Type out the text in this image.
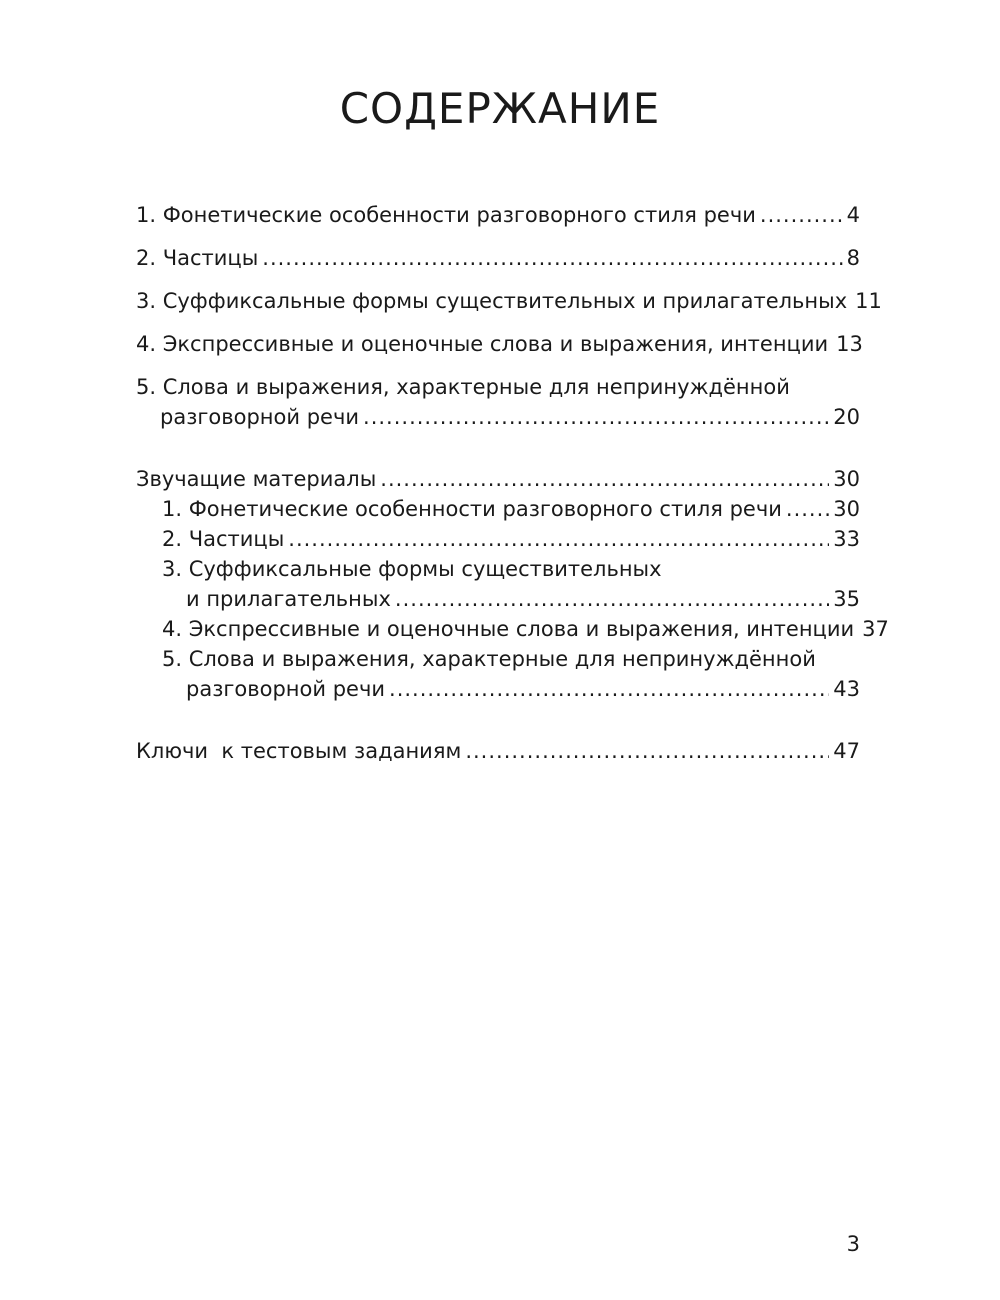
СОДЕРЖАНИЕ
1. Фонетические особенности разговорного стиля речи .....	4
2. Частицы .....	8
3. Суффиксальные формы существительных и прилагательных 11
4. Экспрессивные и оценочные слова и выражения, интенции 13
5. Слова и выражения, характерные для непринуждённой
разговорной речи .....	20
Звучащие материалы .....	30
1. Фонетические особенности разговорного стиля речи ..... 30
2. Частицы .....	33
3. Суффиксальные формы существительных
и прилагательных .....	35
4. Экспрессивные и оценочные слова и выражения, интенции 37
5. Слова и выражения, характерные для непринуждённой
разговорной речи .....	43
Ключи  к тестовым заданиям .....	47
3
